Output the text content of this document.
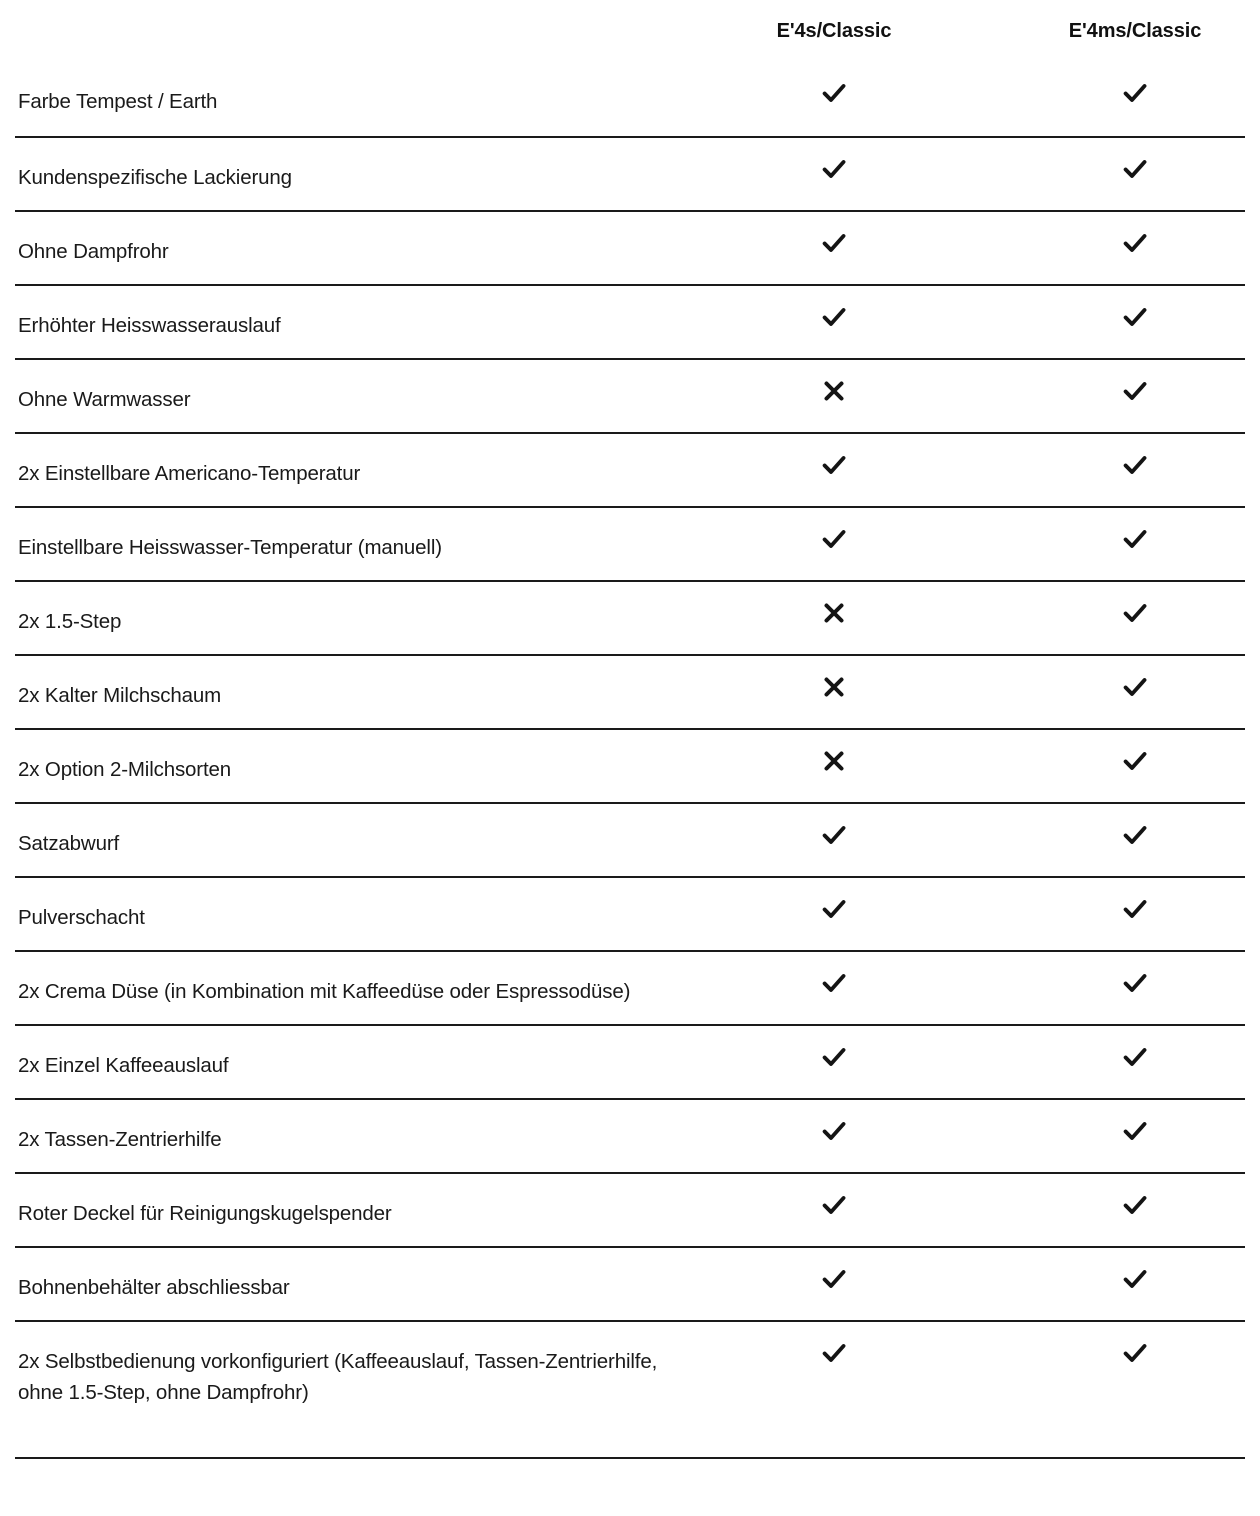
E'4s/Classic	E'4ms/Classic
Farbe Tempest / Earth
Kundenspezifische Lackierung
Ohne Dampfrohr
Erhöhter Heisswasserauslauf
Ohne Warmwasser
2x Einstellbare Americano-Temperatur
Einstellbare Heisswasser-Temperatur (manuell)
2x 1.5-Step
2x Kalter Milchschaum
2x Option 2-Milchsorten
Satzabwurf
Pulverschacht
2x Crema Düse (in Kombination mit Kaffeedüse oder Espressodüse)
2x Einzel Kaffeeauslauf
2x Tassen-Zentrierhilfe
Roter Deckel für Reinigungskugelspender
Bohnenbehälter abschliessbar
2x Selbstbedienung vorkonfiguriert (Kaffeeauslauf, Tassen-Zentrierhilfe, ohne 1.5-Step, ohne Dampfrohr)
